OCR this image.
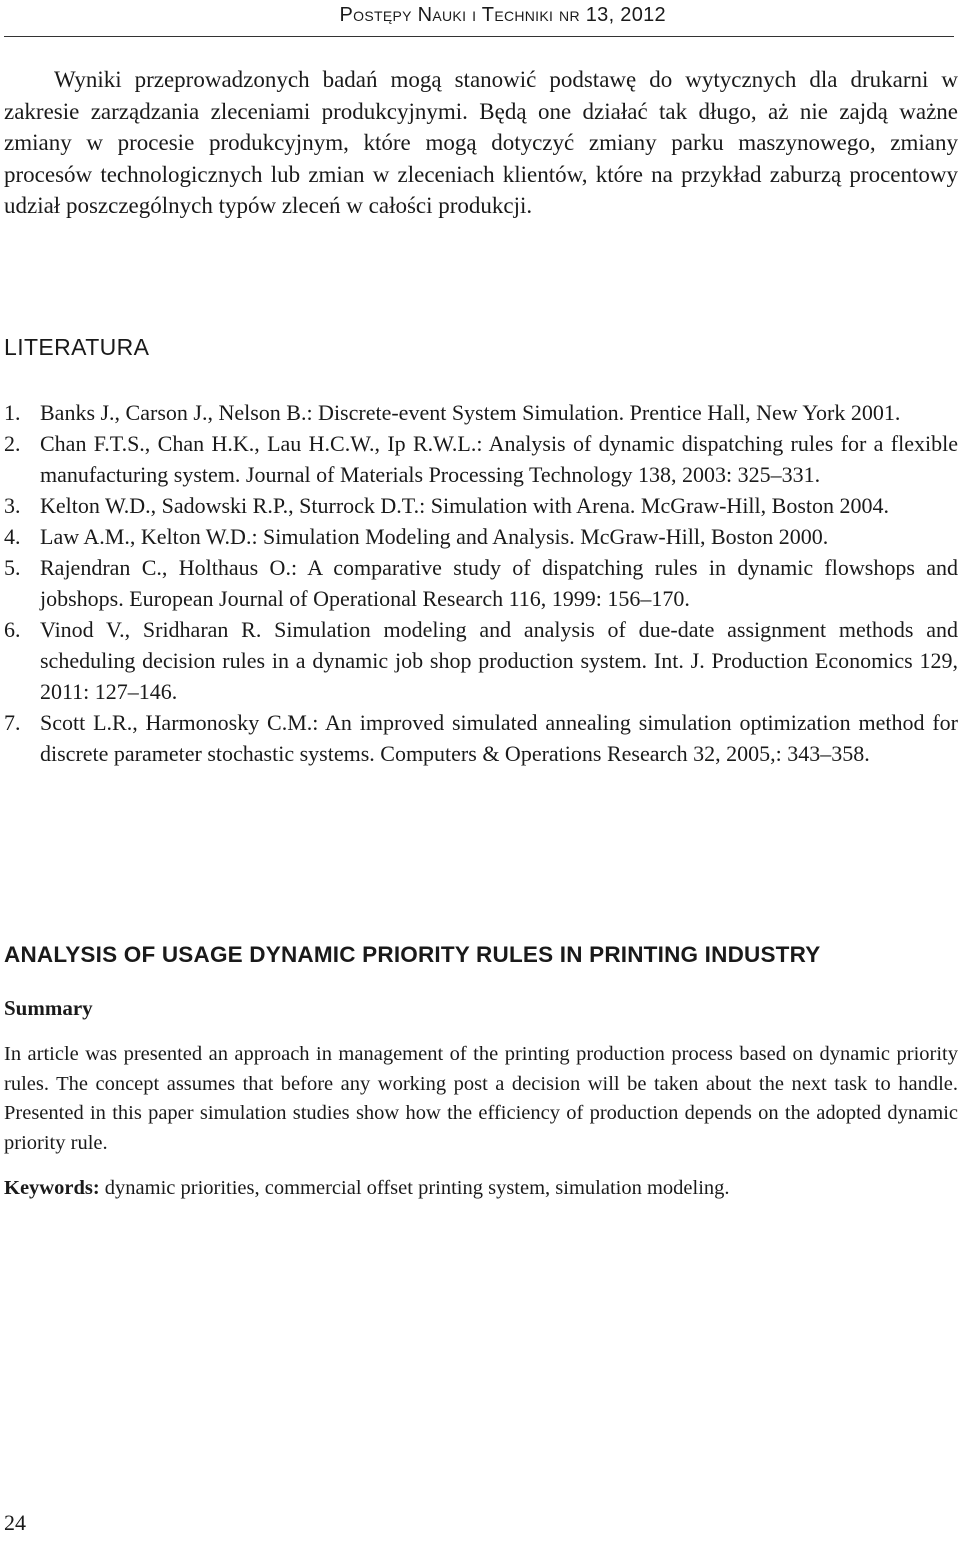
Postępy Nauki i Techniki nr 13, 2012

Wyniki przeprowadzonych badań mogą stanowić podstawę do wytycznych dla drukarni w zakresie zarządzania zleceniami produkcyjnymi. Będą one działać tak długo, aż nie zajdą ważne zmiany w procesie produkcyjnym, które mogą dotyczyć zmiany parku maszynowego, zmiany procesów technologicznych lub zmian w zleceniach klientów, które na przykład zaburzą procentowy udział poszczególnych typów zleceń w całości produkcji.

LITERATURA
1. Banks J., Carson J., Nelson B.: Discrete-event System Simulation. Prentice Hall, New York 2001.
2. Chan F.T.S., Chan H.K., Lau H.C.W., Ip R.W.L.: Analysis of dynamic dispatching rules for a flexible manufacturing system. Journal of Materials Processing Technology 138, 2003: 325–331.
3. Kelton W.D., Sadowski R.P., Sturrock D.T.: Simulation with Arena. McGraw-Hill, Boston 2004.
4. Law A.M., Kelton W.D.: Simulation Modeling and Analysis. McGraw-Hill, Boston 2000.
5. Rajendran C., Holthaus O.: A comparative study of dispatching rules in dynamic flowshops and jobshops. European Journal of Operational Research 116, 1999: 156–170.
6. Vinod V., Sridharan R. Simulation modeling and analysis of due-date assignment methods and scheduling decision rules in a dynamic job shop production system. Int. J. Production Economics 129, 2011: 127–146.
7. Scott L.R., Harmonosky C.M.: An improved simulated annealing simulation optimization method for discrete parameter stochastic systems. Computers & Operations Research 32, 2005,: 343–358.
ANALYSIS OF USAGE DYNAMIC PRIORITY RULES IN PRINTING INDUSTRY
Summary

In article was presented an approach in management of the printing production process based on dynamic priority rules. The concept assumes that before any working post a decision will be taken about the next task to handle. Presented in this paper simulation studies show how the efficiency of production depends on the adopted dynamic priority rule.

Keywords: dynamic priorities, commercial offset printing system, simulation modeling.

24
